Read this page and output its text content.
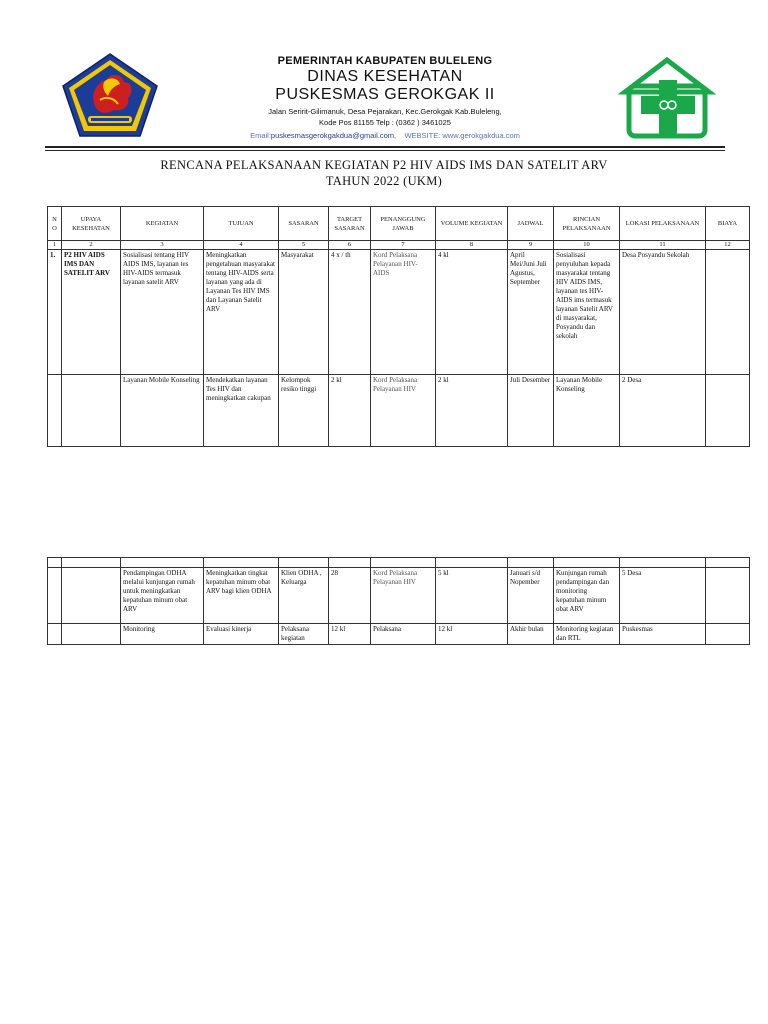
PEMERINTAH KABUPATEN BULELENG
DINAS KESEHATAN
PUSKESMAS GEROKGAK II
Jalan Seririt-Gilimanuk, Desa Pejarakan, Kec.Gerokgak Kab.Buleleng,
Kode Pos 81155 Telp : (0362 ) 3461025
Email:puskesmasgerokgakdua@gmail.com, WEBSITE: www.gerokgakdua.com
RENCANA PELAKSANAAN KEGIATAN P2 HIV AIDS IMS DAN SATELIT ARV
TAHUN 2022 (UKM)
N O	UPAYA KESEHATAN	KEGIATAN	TUJUAN	SASARAN	TARGET SASARAN	PENANGGUNG JAWAB	VOLUME KEGIATAN	JADWAL	RINCIAN PELAKSANAAN	LOKASI PELAKSANAAN	BIAYA
1	2	3	4	5	6	7	8	9	10	11	12
1.	P2 HIV AIDS IMS DAN SATELIT ARV	Sosialisasi tentang HIV AIDS IMS, layanan tes HIV-AIDS termasuk layanan satelit ARV	Meningkatkan pengetahuan masyarakat tentang HIV-AIDS serta layanan yang ada di Layanan Tes HIV IMS dan Layanan Satelit ARV	Masyarakat	4 x / th	Kord Pelaksana Pelayanan HIV-AIDS	4 kl	April Mei/Juni Juli Agustus, September	Sosialisasi penyuluhan kepada masyarakat tentang HIV AIDS IMS, layanan tes HIV-AIDS ims termasuk layanan Satelit ARV di masyarakat, Posyandu dan sekolah	Desa Posyandu Sekolah	
		Layanan Mobile Konseling	Mendekatkan layanan Tes HIV dan meningkatkan cakupan	Kelompok resiko tinggi	2 kl	Kord Pelaksana Pelayanan HIV	2 kl	Juli Desember	Layanan Mobile Konseling	2 Desa	

		Pendampingan ODHA melalui kunjungan rumah untuk meningkatkan kepatuhan minum obat ARV	Meningkatkan tingkat kepatuhan minum obat ARV bagi klien ODHA	Klien ODHA , Keluarga	28	Kord Pelaksana Pelayanan HIV	5 kl	Januari s/d Nopember	Kunjungan rumah pendampingan dan monitoring kepatuhan minum obat ARV	5 Desa	
		Monitoring	Evaluasi kinerja	Pelaksana kegiatan	12 kl	Pelaksana	12 kl	Akhir bulan	Monitoring kegiatan dan RTL	Puskesmas	
